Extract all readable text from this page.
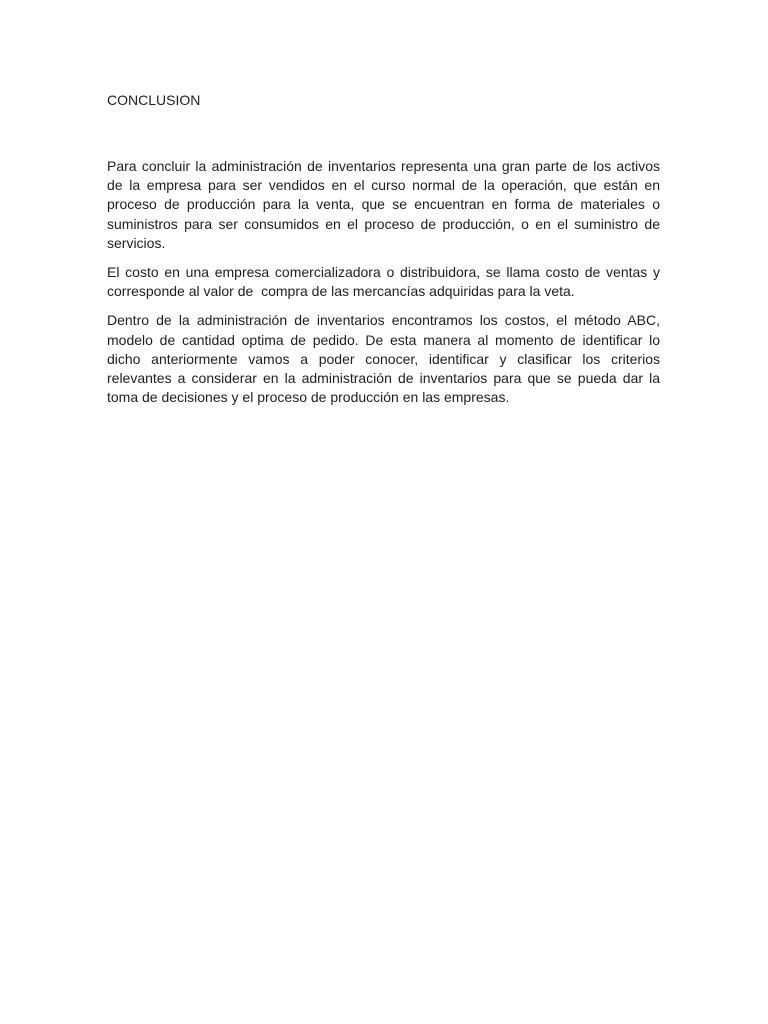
CONCLUSION

Para concluir la administración de inventarios representa una gran parte de los activos de la empresa para ser vendidos en el curso normal de la operación, que están en proceso de producción para la venta, que se encuentran en forma de materiales o suministros para ser consumidos en el proceso de producción, o en el suministro de servicios.

El costo en una empresa comercializadora o distribuidora, se llama costo de ventas y corresponde al valor de  compra de las mercancías adquiridas para la veta.

Dentro de la administración de inventarios encontramos los costos, el método ABC, modelo de cantidad optima de pedido. De esta manera al momento de identificar lo dicho anteriormente vamos a poder conocer, identificar y clasificar los criterios relevantes a considerar en la administración de inventarios para que se pueda dar la toma de decisiones y el proceso de producción en las empresas.
